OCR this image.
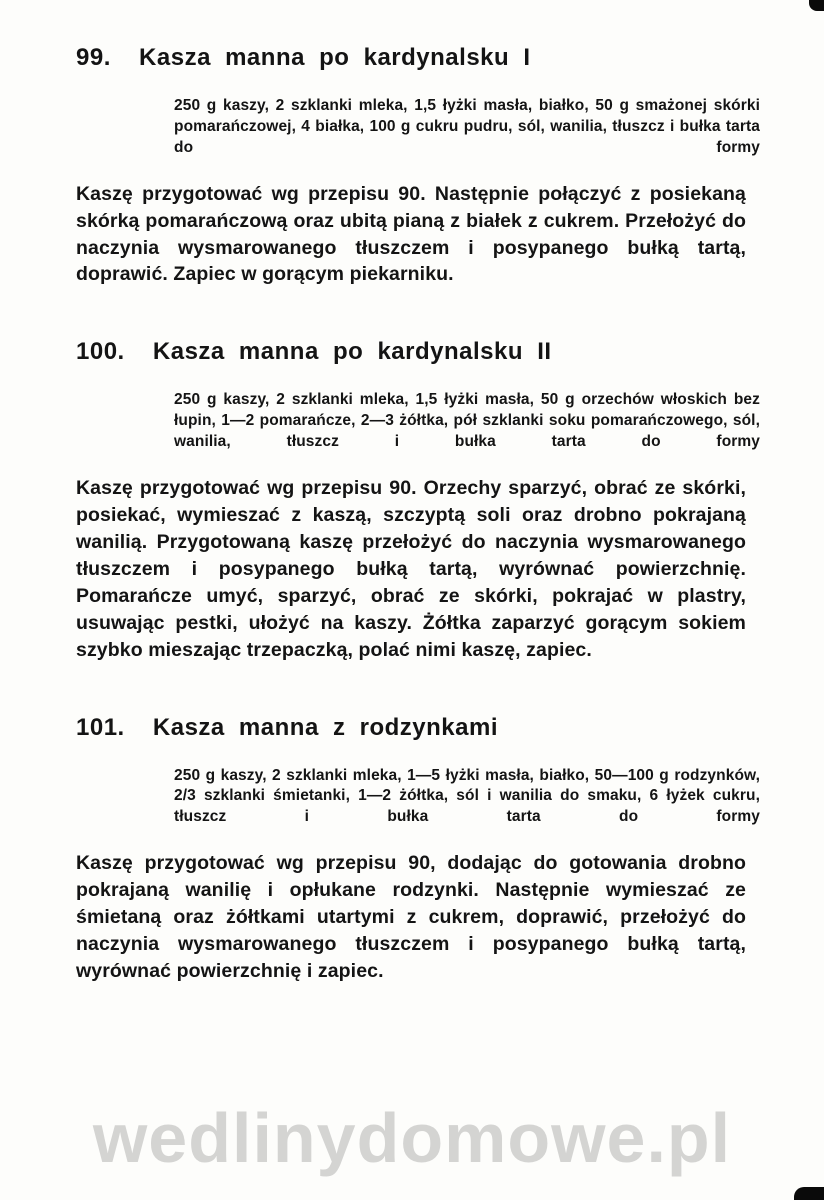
99. Kasza manna po kardynalsku I

250 g kaszy, 2 szklanki mleka, 1,5 łyżki masła, białko, 50 g smażonej skórki pomarańczowej, 4 białka, 100 g cukru pudru, sól, wanilia, tłuszcz i bułka tarta do formy

Kaszę przygotować wg przepisu 90. Następnie połączyć z posiekaną skórką pomarańczową oraz ubitą pianą z białek z cukrem. Przełożyć do naczynia wysmarowanego tłuszczem i posypanego bułką tartą, doprawić. Zapiec w gorącym piekarniku.

100. Kasza manna po kardynalsku II

250 g kaszy, 2 szklanki mleka, 1,5 łyżki masła, 50 g orzechów włoskich bez łupin, 1—2 pomarańcze, 2—3 żółtka, pół szklanki soku pomarańczowego, sól, wanilia, tłuszcz i bułka tarta do formy

Kaszę przygotować wg przepisu 90. Orzechy sparzyć, obrać ze skórki, posiekać, wymieszać z kaszą, szczyptą soli oraz drobno pokrajaną wanilią. Przygotowaną kaszę przełożyć do naczynia wysmarowanego tłuszczem i posypanego bułką tartą, wyrównać powierzchnię. Pomarańcze umyć, sparzyć, obrać ze skórki, pokrajać w plastry, usuwając pestki, ułożyć na kaszy. Żółtka zaparzyć gorącym sokiem szybko mieszając trzepaczką, polać nimi kaszę, zapiec.

101. Kasza manna z rodzynkami

250 g kaszy, 2 szklanki mleka, 1—5 łyżki masła, białko, 50—100 g rodzynków, 2/3 szklanki śmietanki, 1—2 żółtka, sól i wanilia do smaku, 6 łyżek cukru, tłuszcz i bułka tarta do formy

Kaszę przygotować wg przepisu 90, dodając do gotowania drobno pokrajaną wanilię i opłukane rodzynki. Następnie wymieszać ze śmietaną oraz żółtkami utartymi z cukrem, doprawić, przełożyć do naczynia wysmarowanego tłuszczem i posypanego bułką tartą, wyrównać powierzchnię i zapiec.

wedlinydomowe.pl
